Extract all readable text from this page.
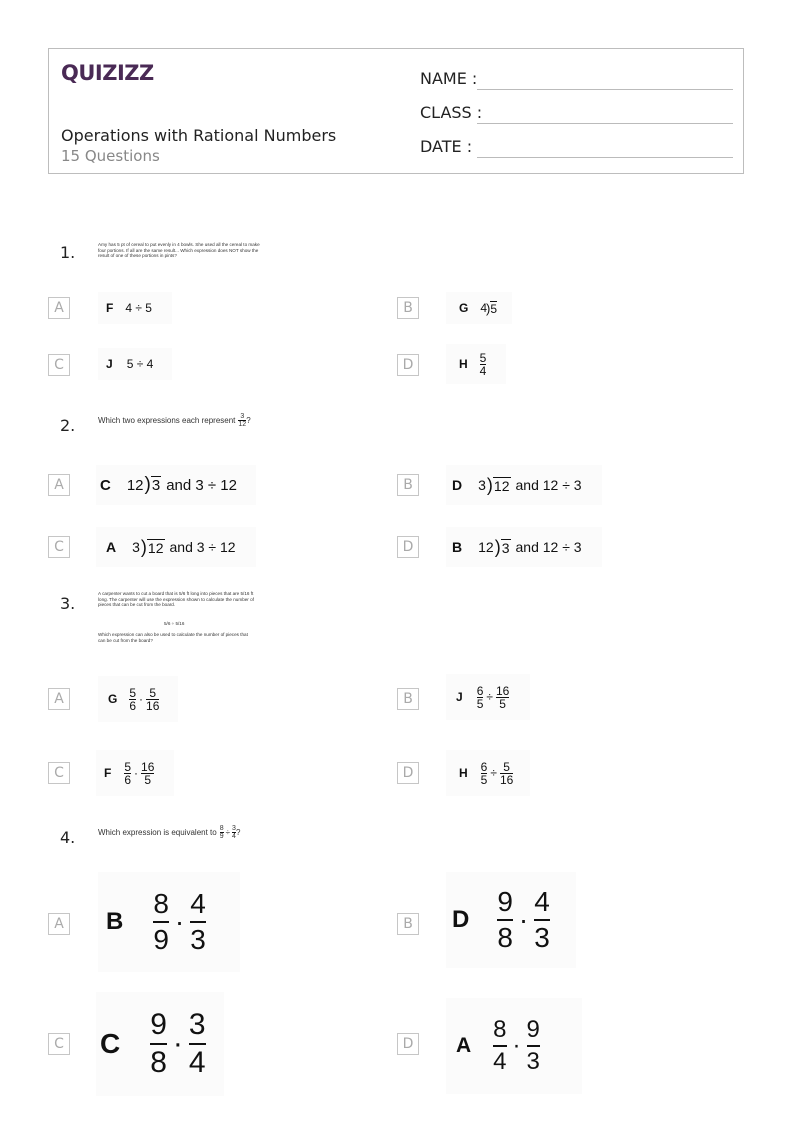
QUIZIZZ
Operations with Rational Numbers
15 Questions
NAME :
CLASS :
DATE :
1.	Amy has 5 pt of cereal to put evenly in 4 bowls. She used all the cereal to make four portions. If all are the same result... Which expression does NOT show the result of one of these portions in pints?
A	F 4 ÷ 5	B	G 4 ) 5
C	J 5 ÷ 4	D	H $\frac{5}{4}$
2.	Which two expressions each represent $\frac{3}{12}$ ?
A	C 12 ) 3 and 3 ÷ 12	B	D 3 ) 12 and 12 ÷ 3
C	A 3 ) 12 and 3 ÷ 12	D	B 12 ) 3 and 12 ÷ 3
3.
A carpenter wants to cut a board that is 5/6 ft long into pieces that are 5/16 ft long. The carpenter will use the expression shown to calculate the number of pieces that can be cut from the board.
5/6 ÷ 5/16
Which expression can also be used to calculate the number of pieces that can be cut from the board?
A	G $\frac{5}{6} \cdot \frac{5}{16}$	B	J $\frac{6}{5} \div \frac{16}{5}$
C	F $\frac{5}{6} \cdot \frac{16}{5}$	D	H $\frac{6}{5} \div \frac{5}{16}$
4.	Which expression is equivalent to $\frac{8}{9} \div \frac{3}{4}$ ?
A B $\frac{8}{9} \cdot \frac{4}{3}$	B D $\frac{9}{8} \cdot \frac{4}{3}$
C C $\frac{9}{8} \cdot \frac{3}{4}$	D A $\frac{8}{4} \cdot \frac{9}{3}$
